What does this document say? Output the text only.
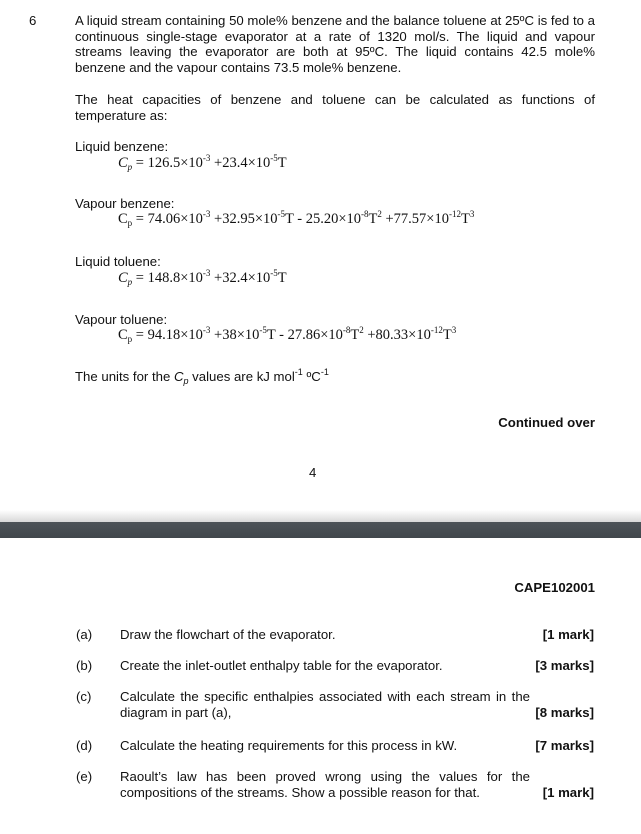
6	A liquid stream containing 50 mole% benzene and the balance toluene at 25ºC is fed to a continuous single-stage evaporator at a rate of 1320 mol/s. The liquid and vapour streams leaving the evaporator are both at 95ºC. The liquid contains 42.5 mole% benzene and the vapour contains 73.5 mole% benzene.
The heat capacities of benzene and toluene can be calculated as functions of temperature as:
Liquid benzene:
$C_p = 126.5\times 10^{-3} +23.4\times 10^{-5}T$
Vapour benzene:
$C_p = 74.06\times 10^{-3} +32.95\times 10^{-5}T - 25.20\times 10^{-8}T^2 +77.57\times 10^{-12}T^3$
Liquid toluene:
$C_p = 148.8\times 10^{-3} +32.4\times 10^{-5}T$
Vapour toluene:
$C_p = 94.18\times 10^{-3} +38\times 10^{-5}T - 27.86\times 10^{-8}T^2 +80.33\times 10^{-12}T^3$
The units for the $C_p$ values are kJ mol$^{-1}$ ºC$^{-1}$
Continued over
4
CAPE102001
(a) Draw the flowchart of the evaporator.	[1 mark]
(b) Create the inlet-outlet enthalpy table for the evaporator.	[3 marks]
(c) Calculate the specific enthalpies associated with each stream in the diagram in part (a),	[8 marks]
(d) Calculate the heating requirements for this process in kW.	[7 marks]
(e) Raoult’s law has been proved wrong using the values for the compositions of the streams. Show a possible reason for that.	[1 mark]
